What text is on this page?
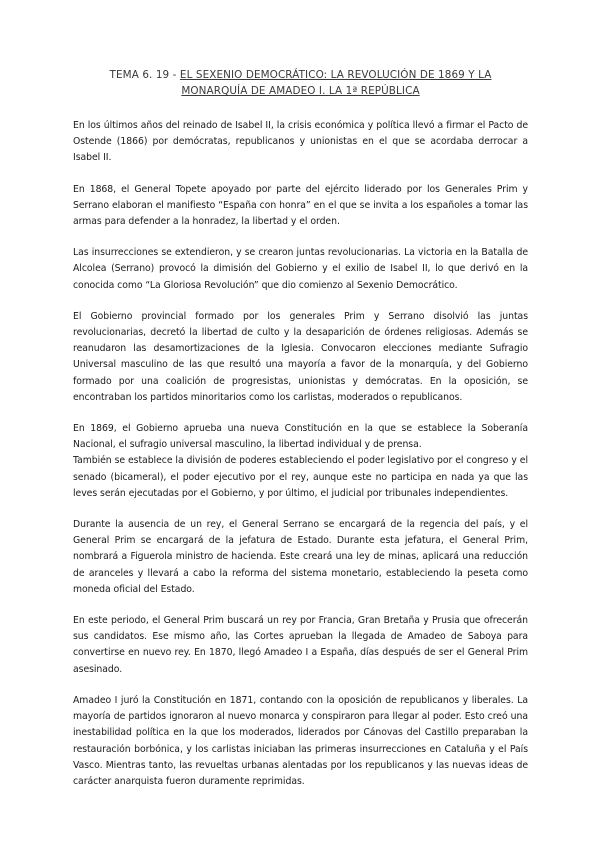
TEMA 6. 19 - EL SEXENIO DEMOCRÁTICO: LA REVOLUCIÓN DE 1869 Y LA MONARQUÍA DE AMADEO I. LA 1ª REPÚBLICA

En los últimos años del reinado de Isabel II, la crisis económica y política llevó a firmar el Pacto de Ostende (1866) por demócratas, republicanos y unionistas en el que se acordaba derrocar a Isabel II.

En 1868, el General Topete apoyado por parte del ejército liderado por los Generales Prim y Serrano elaboran el manifiesto “España con honra” en el que se invita a los españoles a tomar las armas para defender a la honradez, la libertad y el orden.

Las insurrecciones se extendieron, y se crearon juntas revolucionarias. La victoria en la Batalla de Alcolea (Serrano) provocó la dimisión del Gobierno y el exilio de Isabel II, lo que derivó en la conocida como “La Gloriosa Revolución” que dio comienzo al Sexenio Democrático.

El Gobierno provincial formado por los generales Prim y Serrano disolvió las juntas revolucionarias, decretó la libertad de culto y la desaparición de órdenes religiosas. Además se reanudaron las desamortizaciones de la Iglesia. Convocaron elecciones mediante Sufragio Universal masculino de las que resultó una mayoría a favor de la monarquía, y del Gobierno formado por una coalición de progresistas, unionistas y demócratas. En la oposición, se encontraban los partidos minoritarios como los carlistas, moderados o republicanos.

En 1869, el Gobierno aprueba una nueva Constitución en la que se establece la Soberanía Nacional, el sufragio universal masculino, la libertad individual y de prensa.

También se establece la división de poderes estableciendo el poder legislativo por el congreso y el senado (bicameral), el poder ejecutivo por el rey, aunque este no participa en nada ya que las leves serán ejecutadas por el Gobierno, y por último, el judicial por tribunales independientes.

Durante la ausencia de un rey, el General Serrano se encargará de la regencia del país, y el General Prim se encargará de la jefatura de Estado. Durante esta jefatura, el General Prim, nombrará a Figuerola ministro de hacienda. Este creará una ley de minas, aplicará una reducción de aranceles y llevará a cabo la reforma del sistema monetario, estableciendo la peseta como moneda oficial del Estado.

En este periodo, el General Prim buscará un rey por Francia, Gran Bretaña y Prusia que ofrecerán sus candidatos. Ese mismo año, las Cortes aprueban la llegada de Amadeo de Saboya para convertirse en nuevo rey. En 1870, llegó Amadeo I a España, días después de ser el General Prim asesinado.

Amadeo I juró la Constitución en 1871, contando con la oposición de republicanos y liberales. La mayoría de partidos ignoraron al nuevo monarca y conspiraron para llegar al poder. Esto creó una inestabilidad política en la que los moderados, liderados por Cánovas del Castillo preparaban la restauración borbónica, y los carlistas iniciaban las primeras insurrecciones en Cataluña y el País Vasco. Mientras tanto, las revueltas urbanas alentadas por los republicanos y las nuevas ideas de carácter anarquista fueron duramente reprimidas.
